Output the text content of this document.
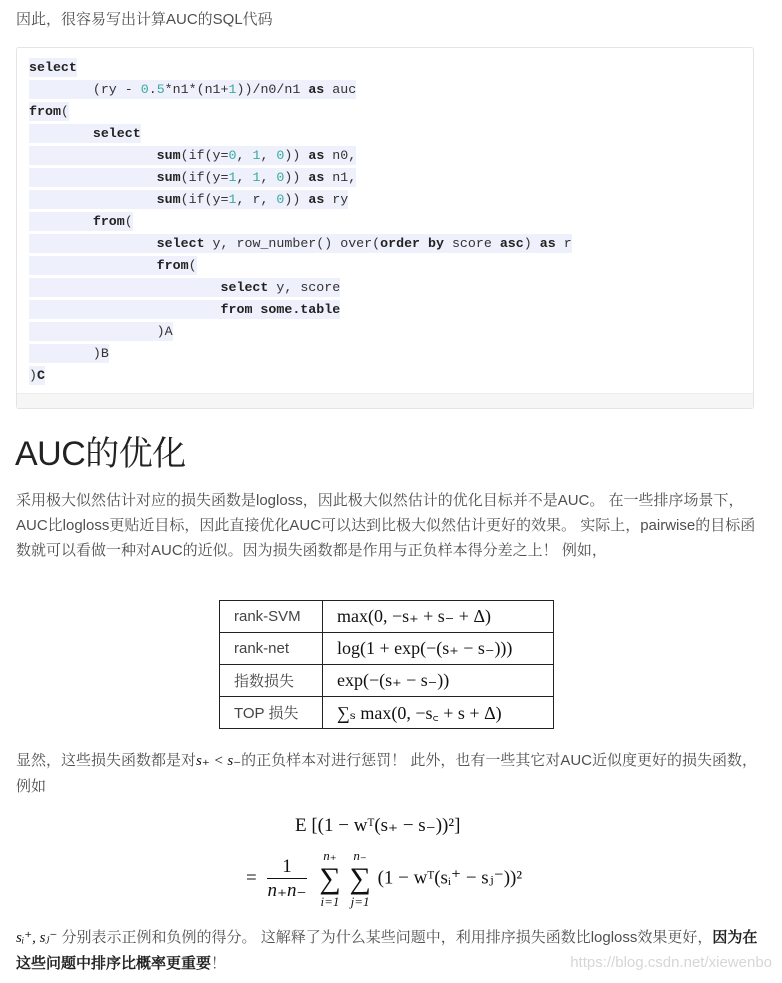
因此，很容易写出计算AUC的SQL代码
select
(ry - 0.5*n1*(n1+1))/n0/n1 as auc
from(
select
sum(if(y=0, 1, 0)) as n0,
sum(if(y=1, 1, 0)) as n1,
sum(if(y=1, r, 0)) as ry
from(
select y, row_number() over(order by score asc) as r
from(
select y, score
from some.table
)A
)B
)C
AUC的优化
采用极大似然估计对应的损失函数是logloss，因此极大似然估计的优化目标并不是AUC。 在一些排序场景下，AUC比logloss更贴近目标，因此直接优化AUC可以达到比极大似然估计更好的效果。 实际上，pairwise的目标函数就可以看做一种对AUC的近似。因为损失函数都是作用与正负样本得分差之上！ 例如，
rank-SVM	max(0, −s₊ + s₋ + Δ)
rank-net	log(1 + exp(−(s₊ − s₋)))
指数损失	exp(−(s₊ − s₋))
TOP 损失	∑ₛ max(0, −s꜀ + s + Δ)
显然，这些损失函数都是对s₊ < s₋的正负样本对进行惩罚！ 此外，也有一些其它对AUC近似度更好的损失函数，例如
E [(1 − wᵀ(s₊ − s₋))²]
= $\frac{1}{n_+n_-}$
n₊
∑
i=1 n₋
∑
j=1 (1 − wᵀ(sᵢ⁺ − sⱼ⁻))²
sᵢ⁺, sⱼ⁻ 分别表示正例和负例的得分。 这解释了为什么某些问题中，利用排序损失函数比logloss效果更好，因为在这些问题中排序比概率更重要！	https://blog.csdn.net/xiewenbo
